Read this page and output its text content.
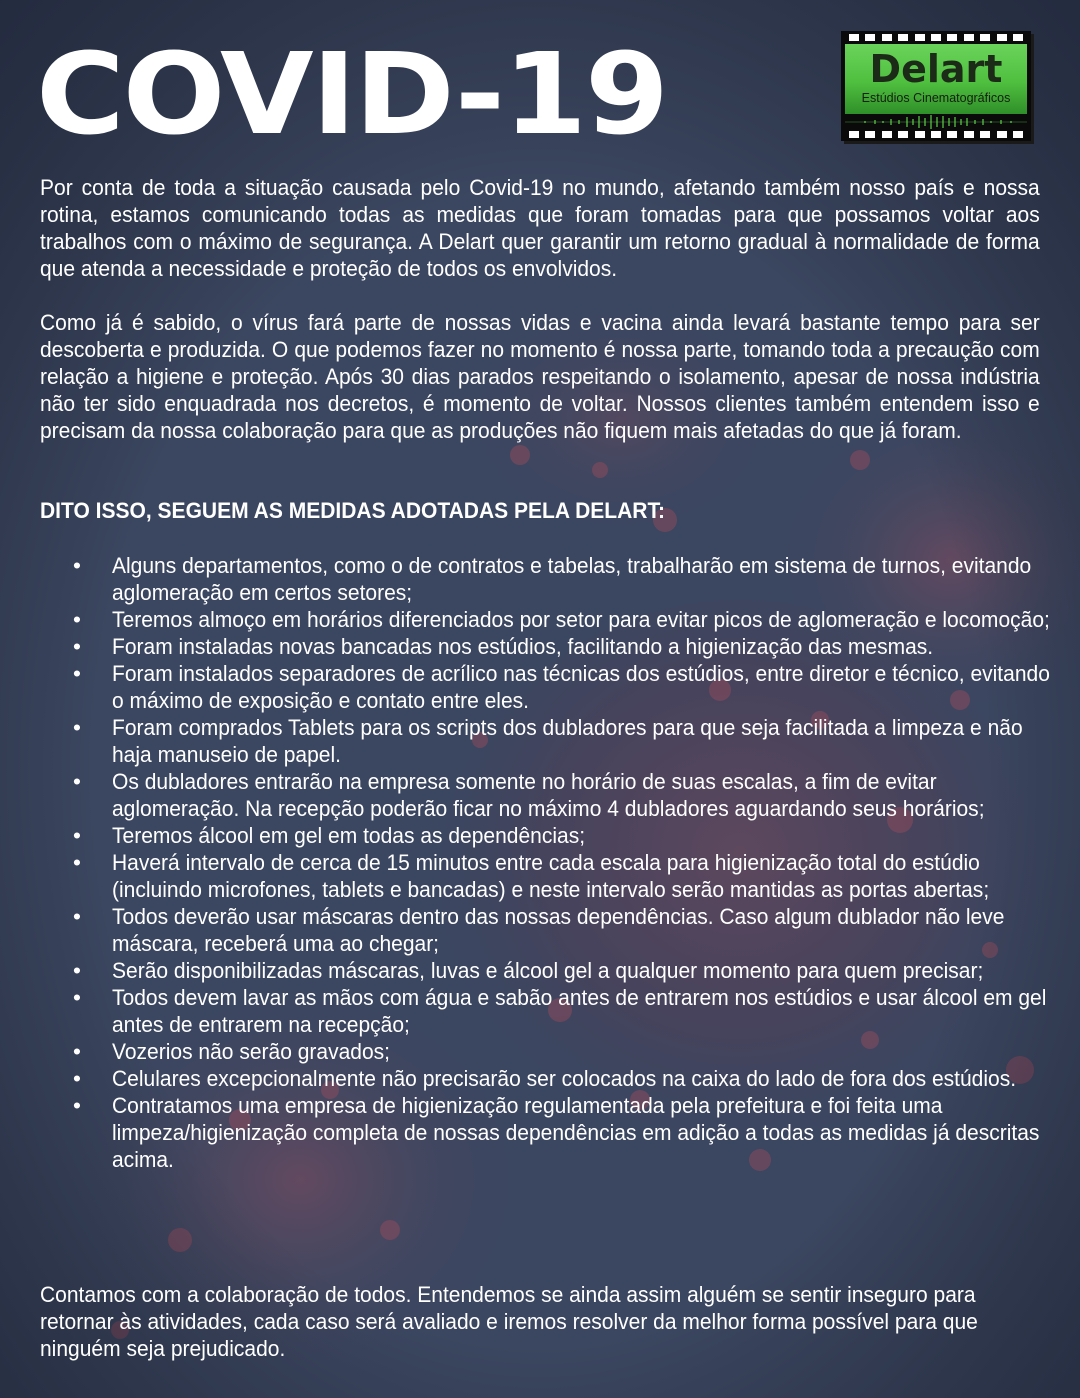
COVID-19	Delart
Estúdios Cinematográficos

Por conta de toda a situação causada pelo Covid-19 no mundo, afetando também nosso país e nossa rotina, estamos comunicando todas as medidas que foram tomadas para que possamos voltar aos trabalhos com o máximo de segurança. A Delart quer garantir um retorno gradual à normalidade de forma que atenda a necessidade e proteção de todos os envolvidos.

Como já é sabido, o vírus fará parte de nossas vidas e vacina ainda levará bastante tempo para ser descoberta e produzida. O que podemos fazer no momento é nossa parte, tomando toda a precaução com relação a higiene e proteção. Após 30 dias parados respeitando o isolamento, apesar de nossa indústria não ter sido enquadrada nos decretos, é momento de voltar. Nossos clientes também entendem isso e precisam da nossa colaboração para que as produções não fiquem mais afetadas do que já foram.

DITO ISSO, SEGUEM AS MEDIDAS ADOTADAS PELA DELART:
• Alguns departamentos, como o de contratos e tabelas, trabalharão em sistema de turnos, evitando aglomeração em certos setores;
• Teremos almoço em horários diferenciados por setor para evitar picos de aglomeração e locomoção;
• Foram instaladas novas bancadas nos estúdios, facilitando a higienização das mesmas.
• Foram instalados separadores de acrílico nas técnicas dos estúdios, entre diretor e técnico, evitando o máximo de exposição e contato entre eles.
• Foram comprados Tablets para os scripts dos dubladores para que seja facilitada a limpeza e não haja manuseio de papel.
• Os dubladores entrarão na empresa somente no horário de suas escalas, a fim de evitar aglomeração. Na recepção poderão ficar no máximo 4 dubladores aguardando seus horários;
• Teremos álcool em gel em todas as dependências;
• Haverá intervalo de cerca de 15 minutos entre cada escala para higienização total do estúdio (incluindo microfones, tablets e bancadas) e neste intervalo serão mantidas as portas abertas;
• Todos deverão usar máscaras dentro das nossas dependências. Caso algum dublador não leve máscara, receberá uma ao chegar;
• Serão disponibilizadas máscaras, luvas e álcool gel a qualquer momento para quem precisar;
• Todos devem lavar as mãos com água e sabão antes de entrarem nos estúdios e usar álcool em gel antes de entrarem na recepção;
• Vozerios não serão gravados;
• Celulares excepcionalmente não precisarão ser colocados na caixa do lado de fora dos estúdios.
• Contratamos uma empresa de higienização regulamentada pela prefeitura e foi feita uma limpeza/higienização completa de nossas dependências em adição a todas as medidas já descritas acima.

Contamos com a colaboração de todos. Entendemos se ainda assim alguém se sentir inseguro para retornar às atividades, cada caso será avaliado e iremos resolver da melhor forma possível para que ninguém seja prejudicado.
